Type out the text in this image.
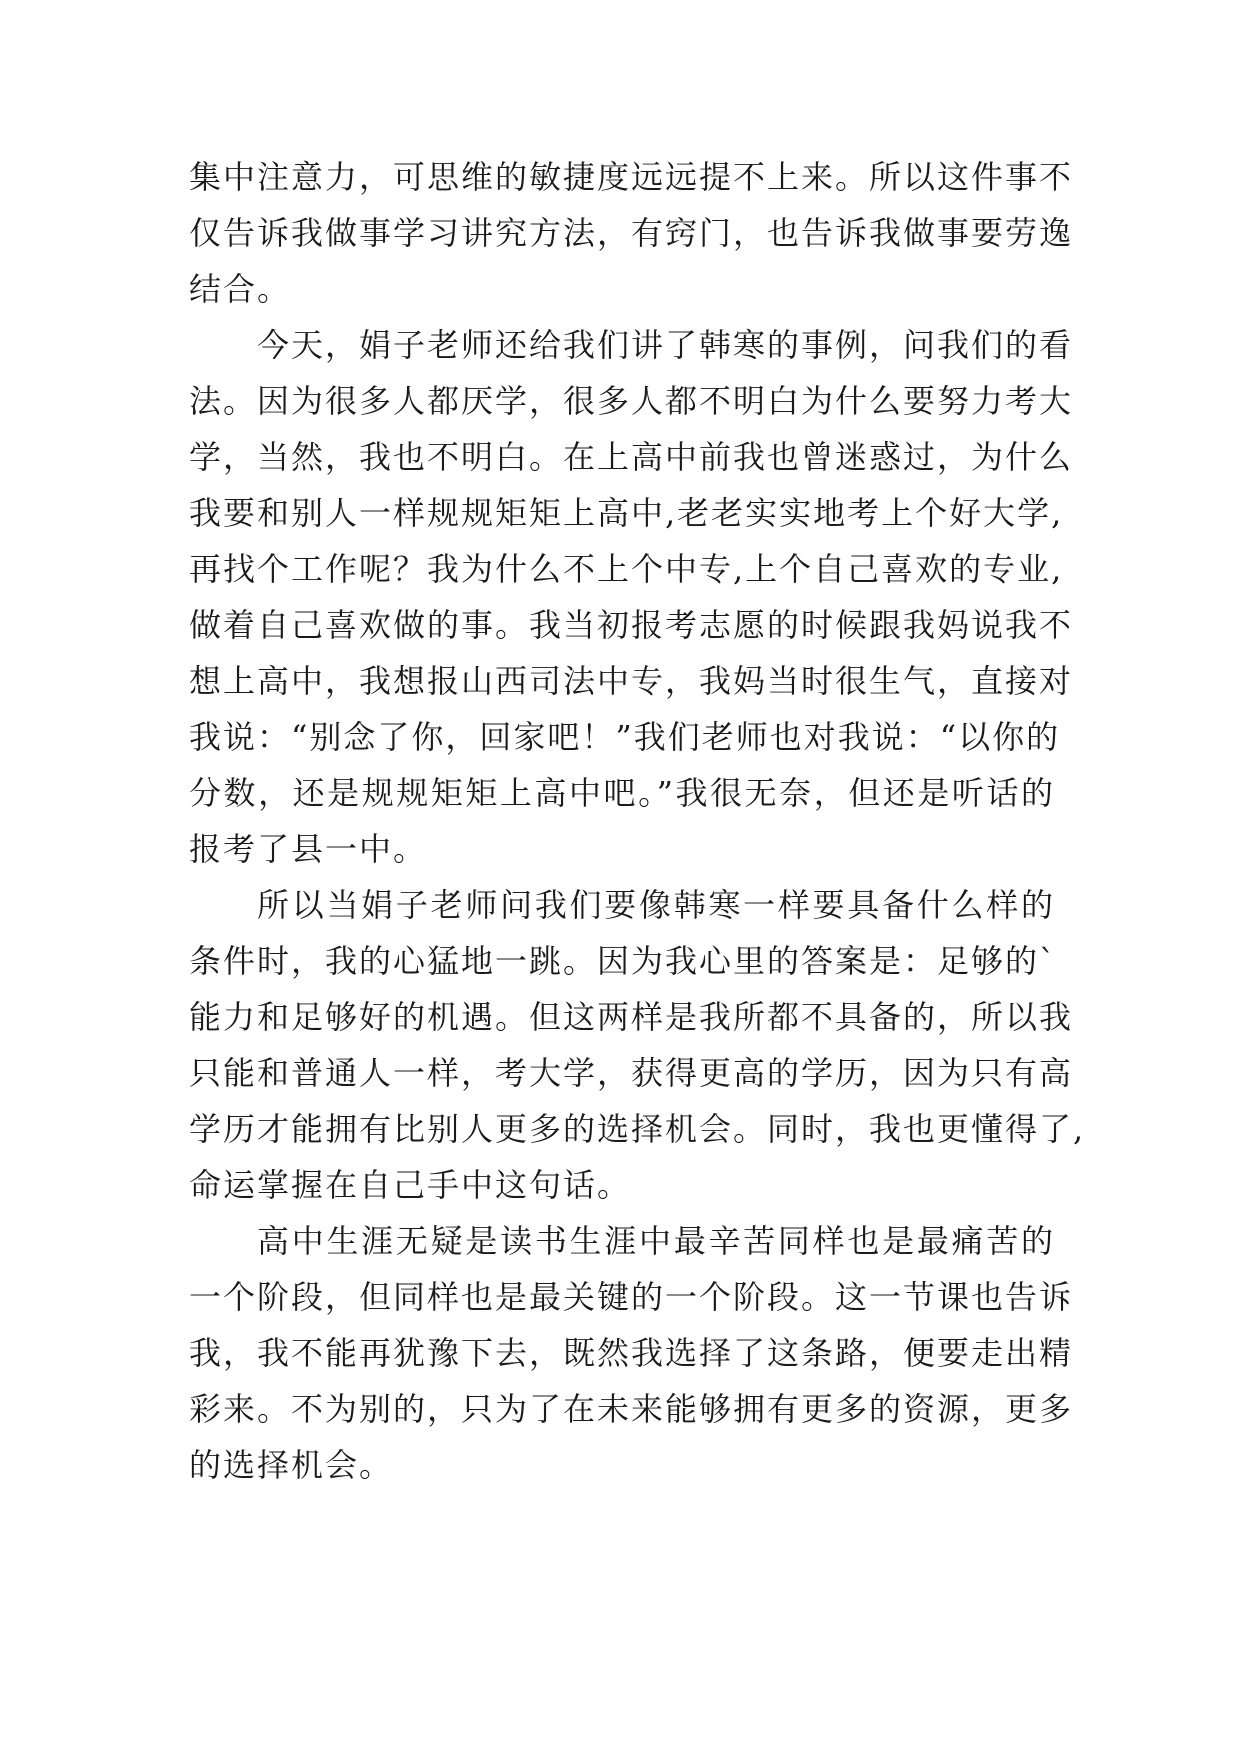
集中注意力，可思维的敏捷度远远提不上来。所以这件事不
仅告诉我做事学习讲究方法，有窍门，也告诉我做事要劳逸
结合。
今天，娟子老师还给我们讲了韩寒的事例，问我们的看
法。因为很多人都厌学，很多人都不明白为什么要努力考大
学，当然，我也不明白。在上高中前我也曾迷惑过，为什么
我要和别人一样规规矩矩上高中,老老实实地考上个好大学,
再找个工作呢？我为什么不上个中专,上个自己喜欢的专业,
做着自己喜欢做的事。我当初报考志愿的时候跟我妈说我不
想上高中，我想报山西司法中专，我妈当时很生气，直接对
我说：“别念了你，回家吧！”我们老师也对我说：“以你的
分数，还是规规矩矩上高中吧。”我很无奈，但还是听话的
报考了县一中。
所以当娟子老师问我们要像韩寒一样要具备什么样的
条件时，我的心猛地一跳。因为我心里的答案是：足够的`
能力和足够好的机遇。但这两样是我所都不具备的，所以我
只能和普通人一样，考大学，获得更高的学历，因为只有高
学历才能拥有比别人更多的选择机会。同时，我也更懂得了,
命运掌握在自己手中这句话。
高中生涯无疑是读书生涯中最辛苦同样也是最痛苦的
一个阶段，但同样也是最关键的一个阶段。这一节课也告诉
我，我不能再犹豫下去，既然我选择了这条路，便要走出精
彩来。不为别的，只为了在未来能够拥有更多的资源，更多
的选择机会。
